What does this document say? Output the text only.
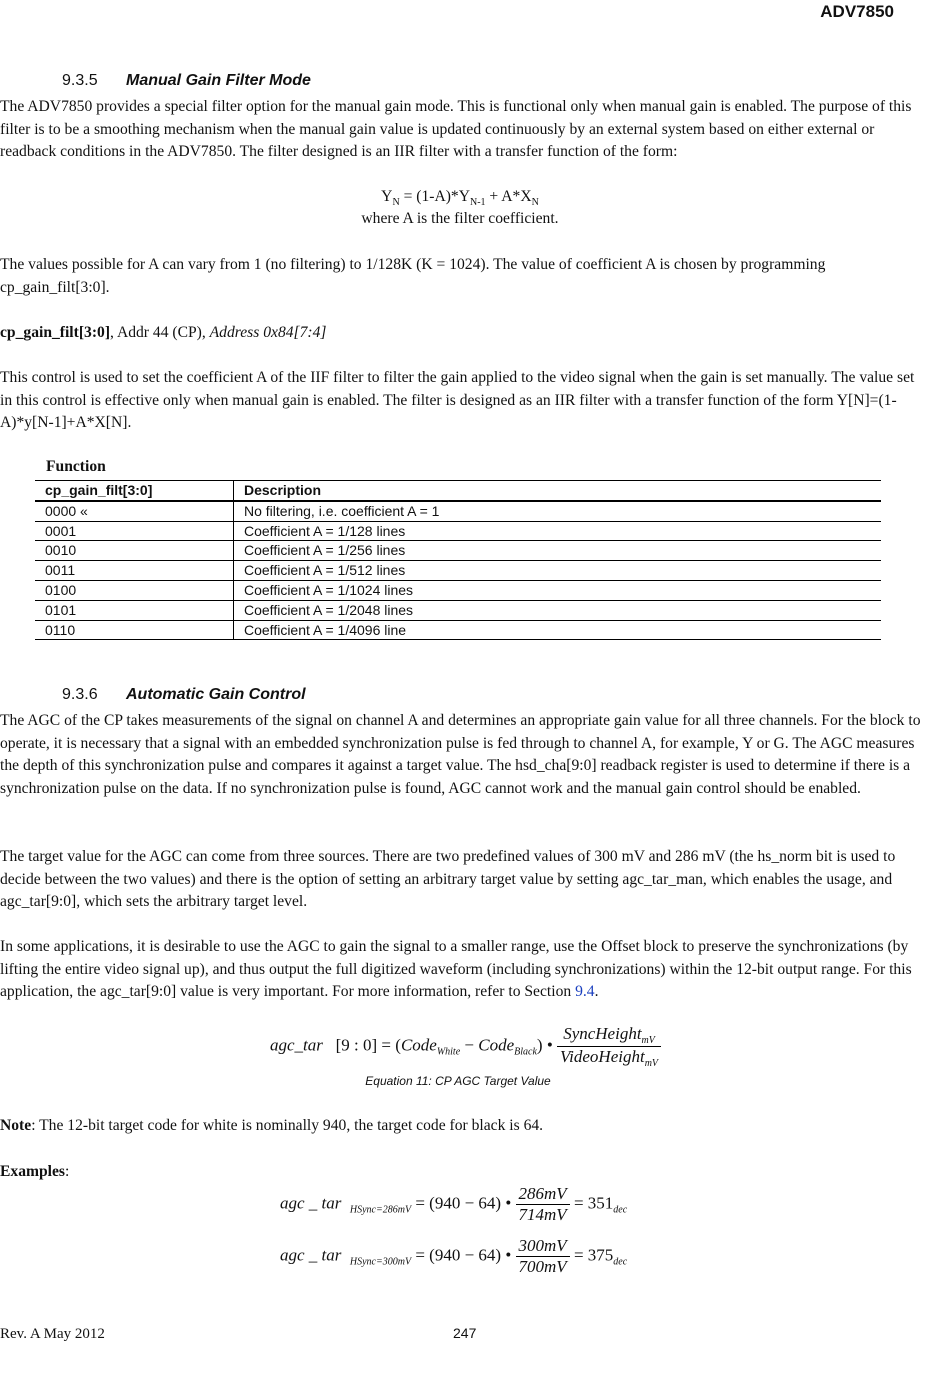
ADV7850
9.3.5 Manual Gain Filter Mode

The ADV7850 provides a special filter option for the manual gain mode. This is functional only when manual gain is enabled. The purpose of this filter is to be a smoothing mechanism when the manual gain value is updated continuously by an external system based on either external or readback conditions in the ADV7850. The filter designed is an IIR filter with a transfer function of the form:

$Y_N = (1-A)*Y_{N-1} + A*X_N$
where A is the filter coefficient.

The values possible for A can vary from 1 (no filtering) to 1/128K (K = 1024). The value of coefficient A is chosen by programming cp_gain_filt[3:0].

cp_gain_filt[3:0], Addr 44 (CP), Address 0x84[7:4]

This control is used to set the coefficient A of the IIF filter to filter the gain applied to the video signal when the gain is set manually. The value set in this control is effective only when manual gain is enabled. The filter is designed as an IIR filter with a transfer function of the form Y[N]=(1-A)*y[N-1]+A*X[N].

Function
cp_gain_filt[3:0]	Description
0000 «	No filtering, i.e. coefficient A = 1
0001	Coefficient A = 1/128 lines
0010	Coefficient A = 1/256 lines
0011	Coefficient A = 1/512 lines
0100	Coefficient A = 1/1024 lines
0101	Coefficient A = 1/2048 lines
0110	Coefficient A = 1/4096 line
9.3.6 Automatic Gain Control

The AGC of the CP takes measurements of the signal on channel A and determines an appropriate gain value for all three channels. For the block to operate, it is necessary that a signal with an embedded synchronization pulse is fed through to channel A, for example, Y or G. The AGC measures the depth of this synchronization pulse and compares it against a target value. The hsd_cha[9:0] readback register is used to determine if there is a synchronization pulse on the data. If no synchronization pulse is found, AGC cannot work and the manual gain control should be enabled.

The target value for the AGC can come from three sources. There are two predefined values of 300 mV and 286 mV (the hs_norm bit is used to decide between the two values) and there is the option of setting an arbitrary target value by setting agc_tar_man, which enables the usage, and agc_tar[9:0], which sets the arbitrary target level.

In some applications, it is desirable to use the AGC to gain the signal to a smaller range, use the Offset block to preserve the synchronizations (by lifting the entire video signal up), and thus output the full digitized waveform (including synchronizations) within the 12-bit output range. For this application, the agc_tar[9:0] value is very important. For more information, refer to Section 9.4.

agc_tar [9 : 0] = (Code$_{White}$ − Code$_{Black}$) • $\frac{SyncHeight_{mV}}{VideoHeight_{mV}}$
Equation 11: CP AGC Target Value

Note: The 12-bit target code for white is nominally 940, the target code for black is 64.

Examples:

agc _ tar $_{HSync=286mV}$ = (940 − 64) • $\frac{286mV}{714mV} = 351_{dec}$
agc _ tar $_{HSync=300mV}$ = (940 − 64) • $\frac{300mV}{700mV} = 375_{dec}$
Rev. A May 2012	247
